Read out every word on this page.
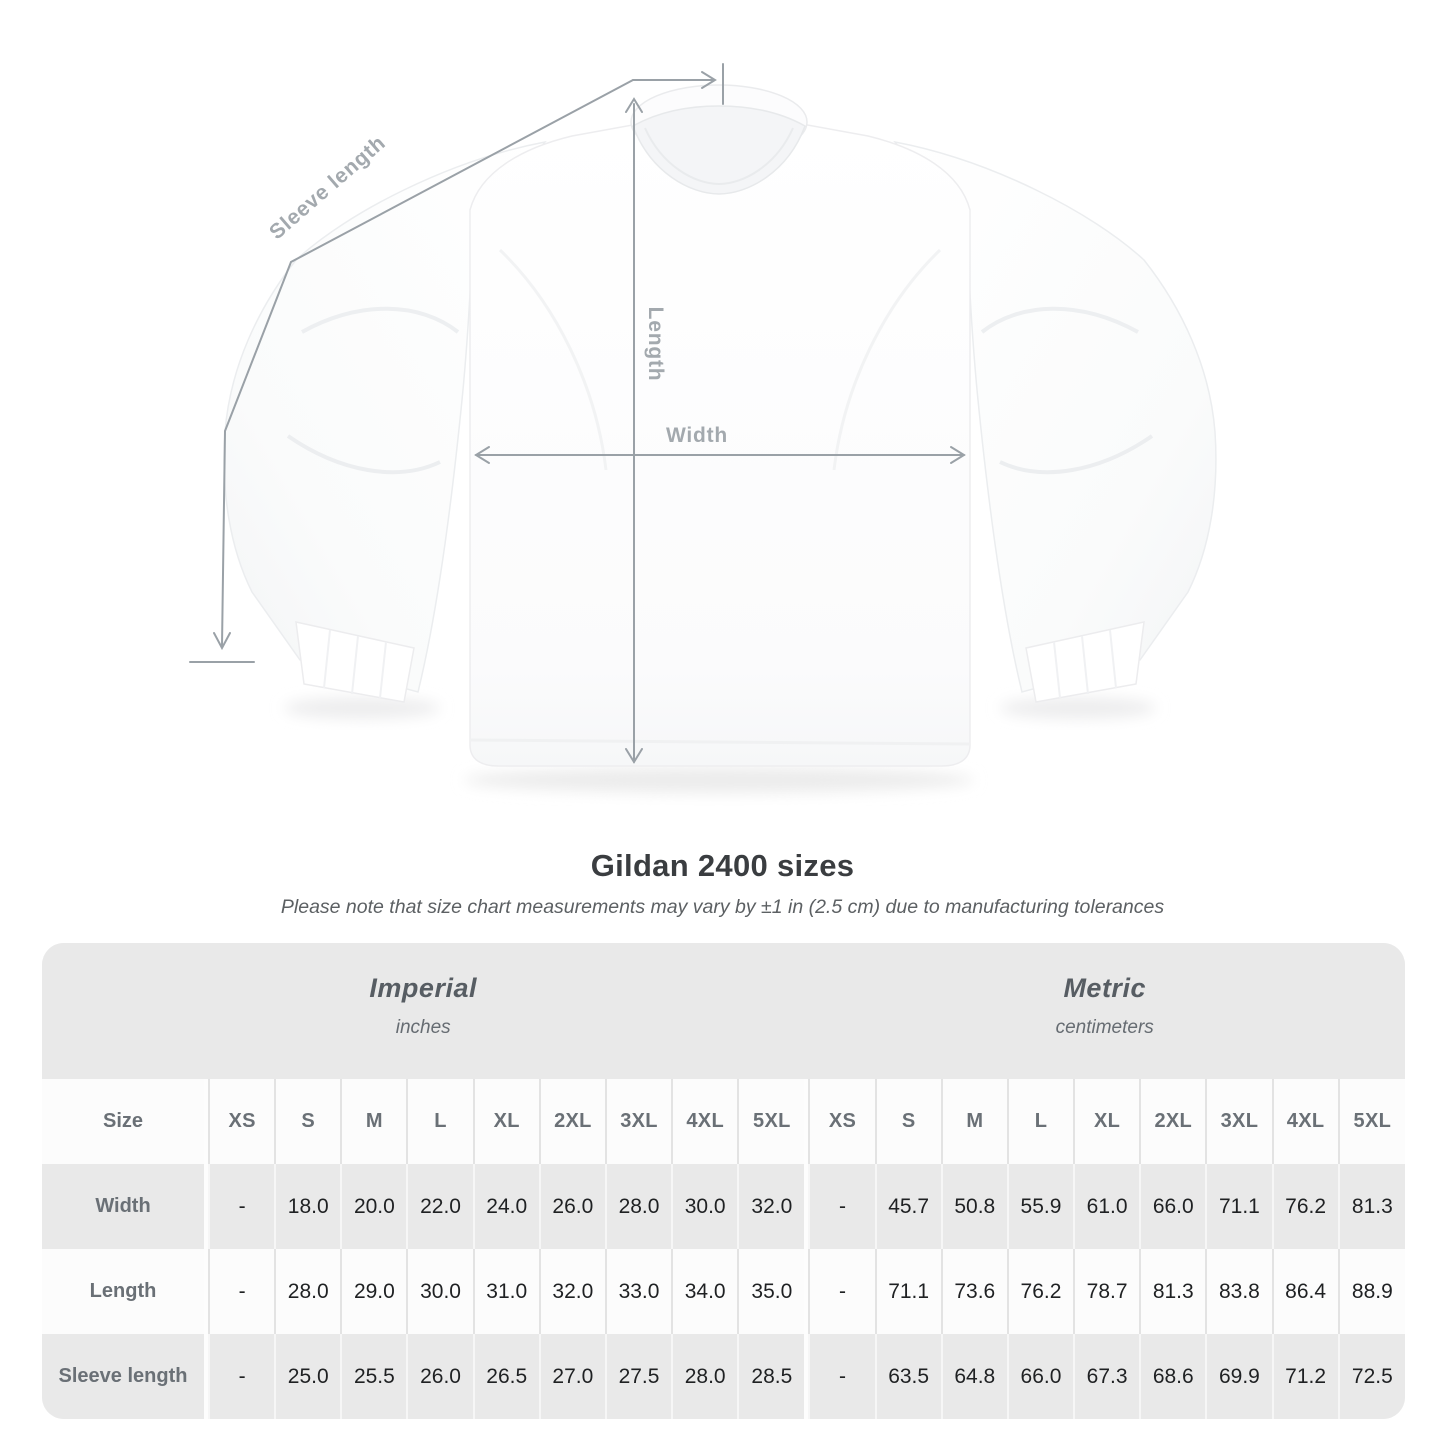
Sleeve length
Length
Width
Gildan 2400 sizes
Please note that size chart measurements may vary by ±1 in (2.5 cm) due to manufacturing tolerances
Imperial
inches

Metric
centimeters

Size		XS	S	M	L	XL	2XL	3XL	4XL	5XL		XS	S	M	L	XL	2XL	3XL	4XL	5XL
Width		-	18.0	20.0	22.0	24.0	26.0	28.0	30.0	32.0		-	45.7	50.8	55.9	61.0	66.0	71.1	76.2	81.3
Length		-	28.0	29.0	30.0	31.0	32.0	33.0	34.0	35.0		-	71.1	73.6	76.2	78.7	81.3	83.8	86.4	88.9
Sleeve length		-	25.0	25.5	26.0	26.5	27.0	27.5	28.0	28.5		-	63.5	64.8	66.0	67.3	68.6	69.9	71.2	72.5
